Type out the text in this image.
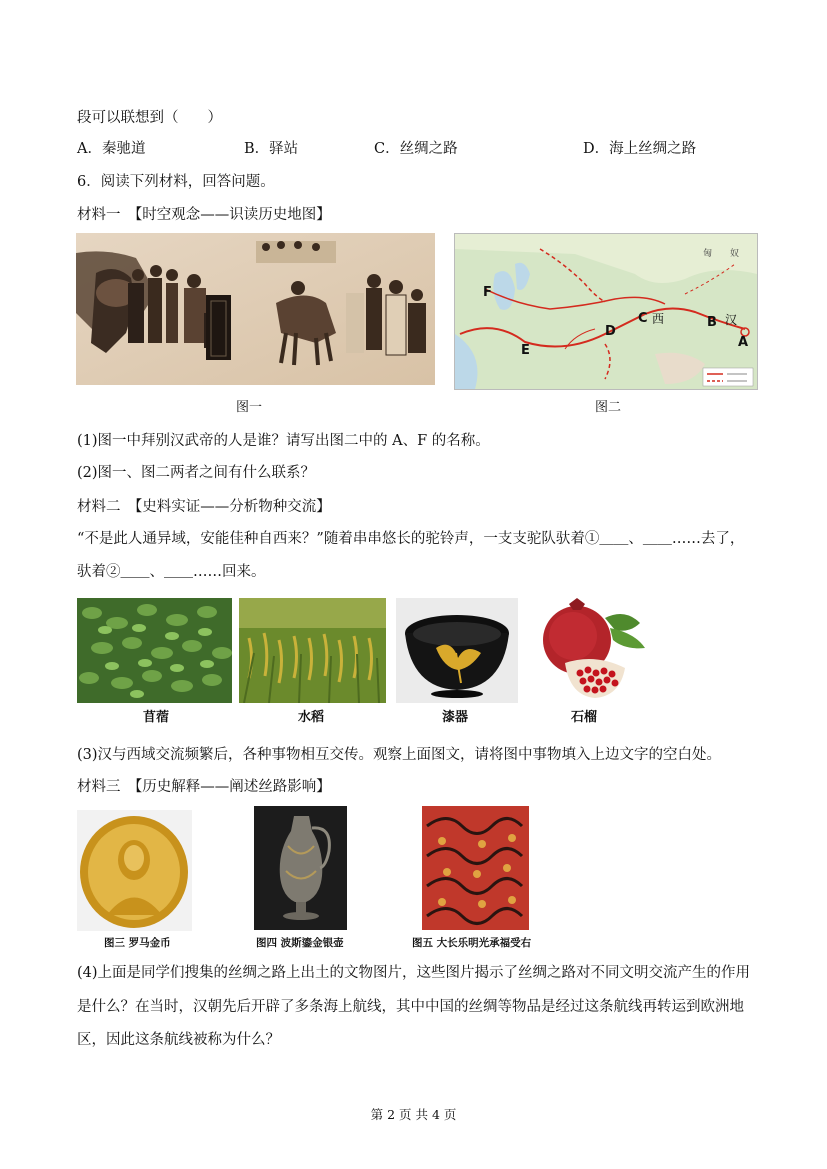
段可以联想到（　　）
A．秦驰道	B．驿站	C．丝绸之路	D．海上丝绸之路
6．阅读下列材料，回答问题。
材料一　【时空观念——识读历史地图】
图一
匈 奴
F
E
D
C 西	B 汉
A
图二
(1)图一中拜别汉武帝的人是谁？请写出图二中的 A、F 的名称。
(2)图一、图二两者之间有什么联系？
材料二　【史料实证——分析物种交流】
“不是此人通异域，安能佳种自西来？”随着串串悠长的驼铃声，一支支驼队驮着①＿＿、＿＿……去了，
驮着②＿＿、＿＿……回来。
苜蓿	水稻	漆器	石榴
(3)汉与西域交流频繁后，各种事物相互交传。观察上面图文，请将图中事物填入上边文字的空白处。
材料三　【历史解释——阐述丝路影响】
图三 罗马金币	图四 波斯鎏金银壶	图五 大长乐明光承福受右
(4)上面是同学们搜集的丝绸之路上出土的文物图片，这些图片揭示了丝绸之路对不同文明交流产生的作用
是什么？在当时，汉朝先后开辟了多条海上航线，其中中国的丝绸等物品是经过这条航线再转运到欧洲地
区，因此这条航线被称为什么？
第 2 页 共 4 页
